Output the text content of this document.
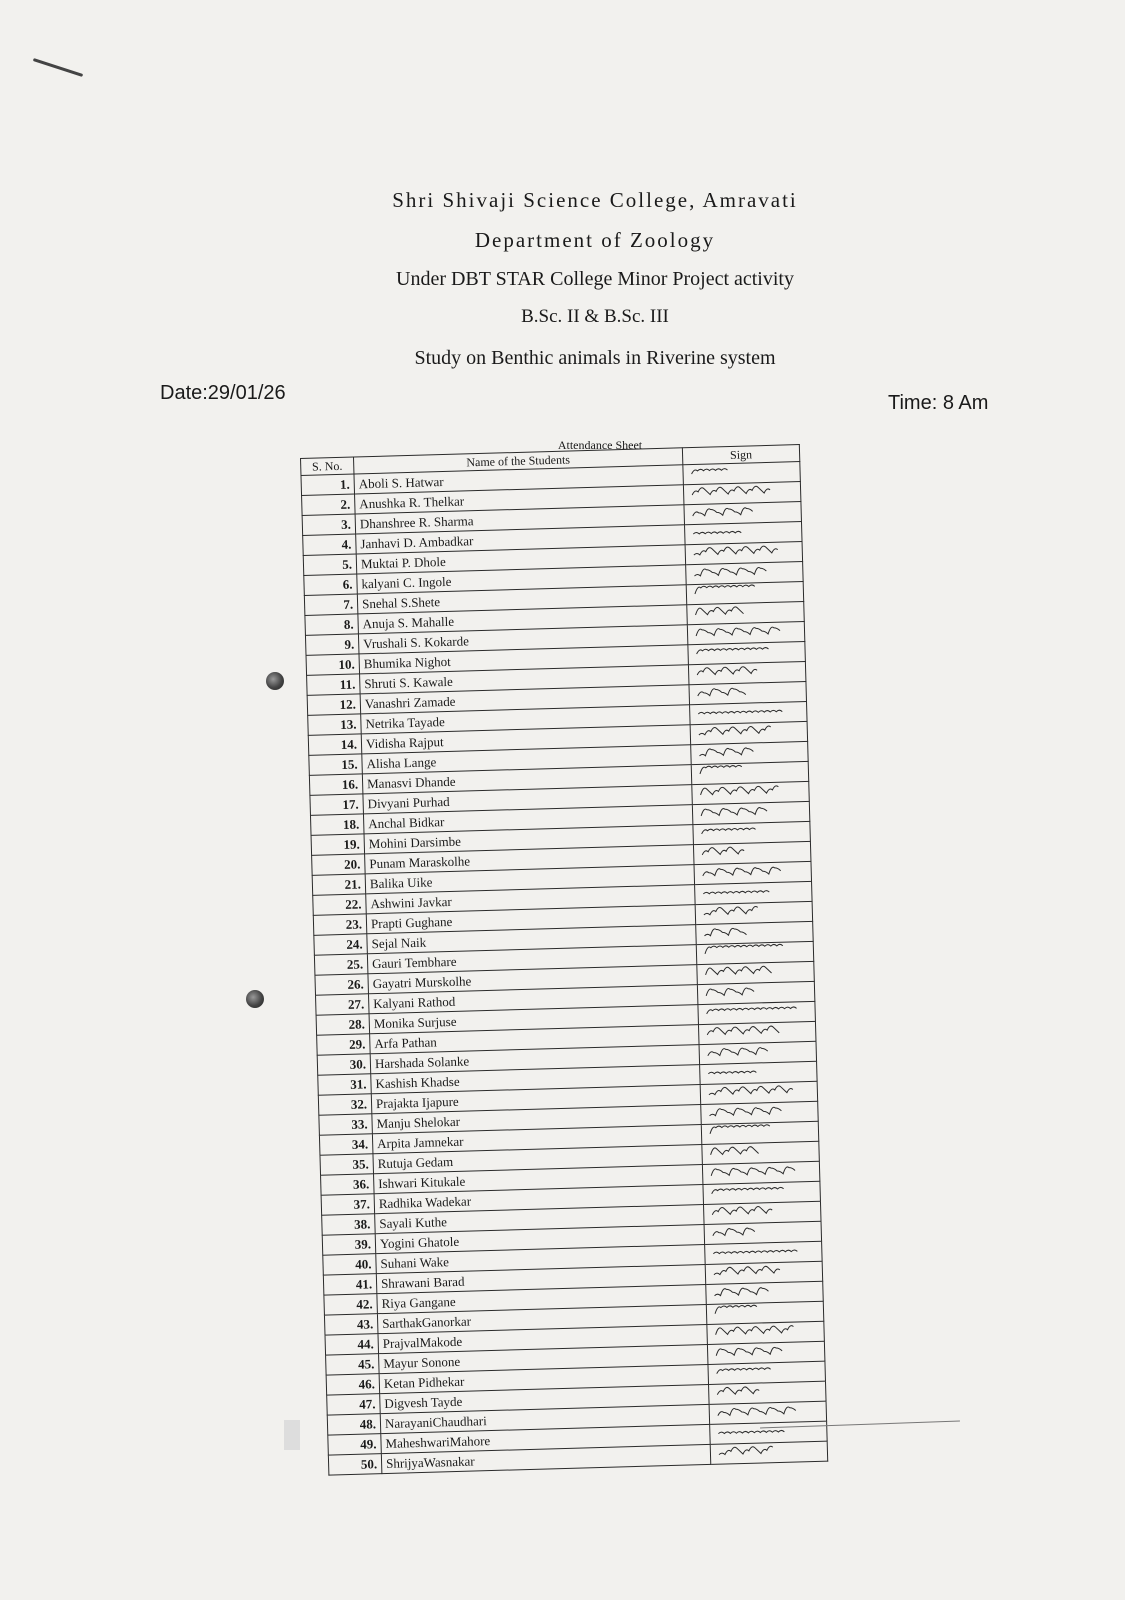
Shri Shivaji Science College, Amravati
Department of Zoology
Under DBT STAR College Minor Project activity
B.Sc. II & B.Sc. III
Study on Benthic animals in Riverine system
Date:29/01/26	Time: 8 Am
Attendance Sheet
S. No.	Name of the Students	Sign
1.	Aboli S. Hatwar	
2.	Anushka R. Thelkar	
3.	Dhanshree R. Sharma	
4.	Janhavi D. Ambadkar	
5.	Muktai P. Dhole	
6.	kalyani C. Ingole	
7.	Snehal S.Shete	
8.	Anuja S. Mahalle	
9.	Vrushali S. Kokarde	
10.	Bhumika Nighot	
11.	Shruti S. Kawale	
12.	Vanashri Zamade	
13.	Netrika Tayade	
14.	Vidisha Rajput	
15.	Alisha Lange	
16.	Manasvi Dhande	
17.	Divyani Purhad	
18.	Anchal Bidkar	
19.	Mohini Darsimbe	
20.	Punam Maraskolhe	
21.	Balika Uike	
22.	Ashwini Javkar	
23.	Prapti Gughane	
24.	Sejal Naik	
25.	Gauri Tembhare	
26.	Gayatri Murskolhe	
27.	Kalyani Rathod	
28.	Monika Surjuse	
29.	Arfa Pathan	
30.	Harshada Solanke	
31.	Kashish Khadse	
32.	Prajakta Ijapure	
33.	Manju Shelokar	
34.	Arpita Jamnekar	
35.	Rutuja Gedam	
36.	Ishwari Kitukale	
37.	Radhika Wadekar	
38.	Sayali Kuthe	
39.	Yogini Ghatole	
40.	Suhani Wake	
41.	Shrawani Barad	
42.	Riya Gangane	
43.	SarthakGanorkar	
44.	PrajvalMakode	
45.	Mayur Sonone	
46.	Ketan Pidhekar	
47.	Digvesh Tayde	
48.	NarayaniChaudhari	
49.	MaheshwariMahore	
50.	ShrijyaWasnakar	
